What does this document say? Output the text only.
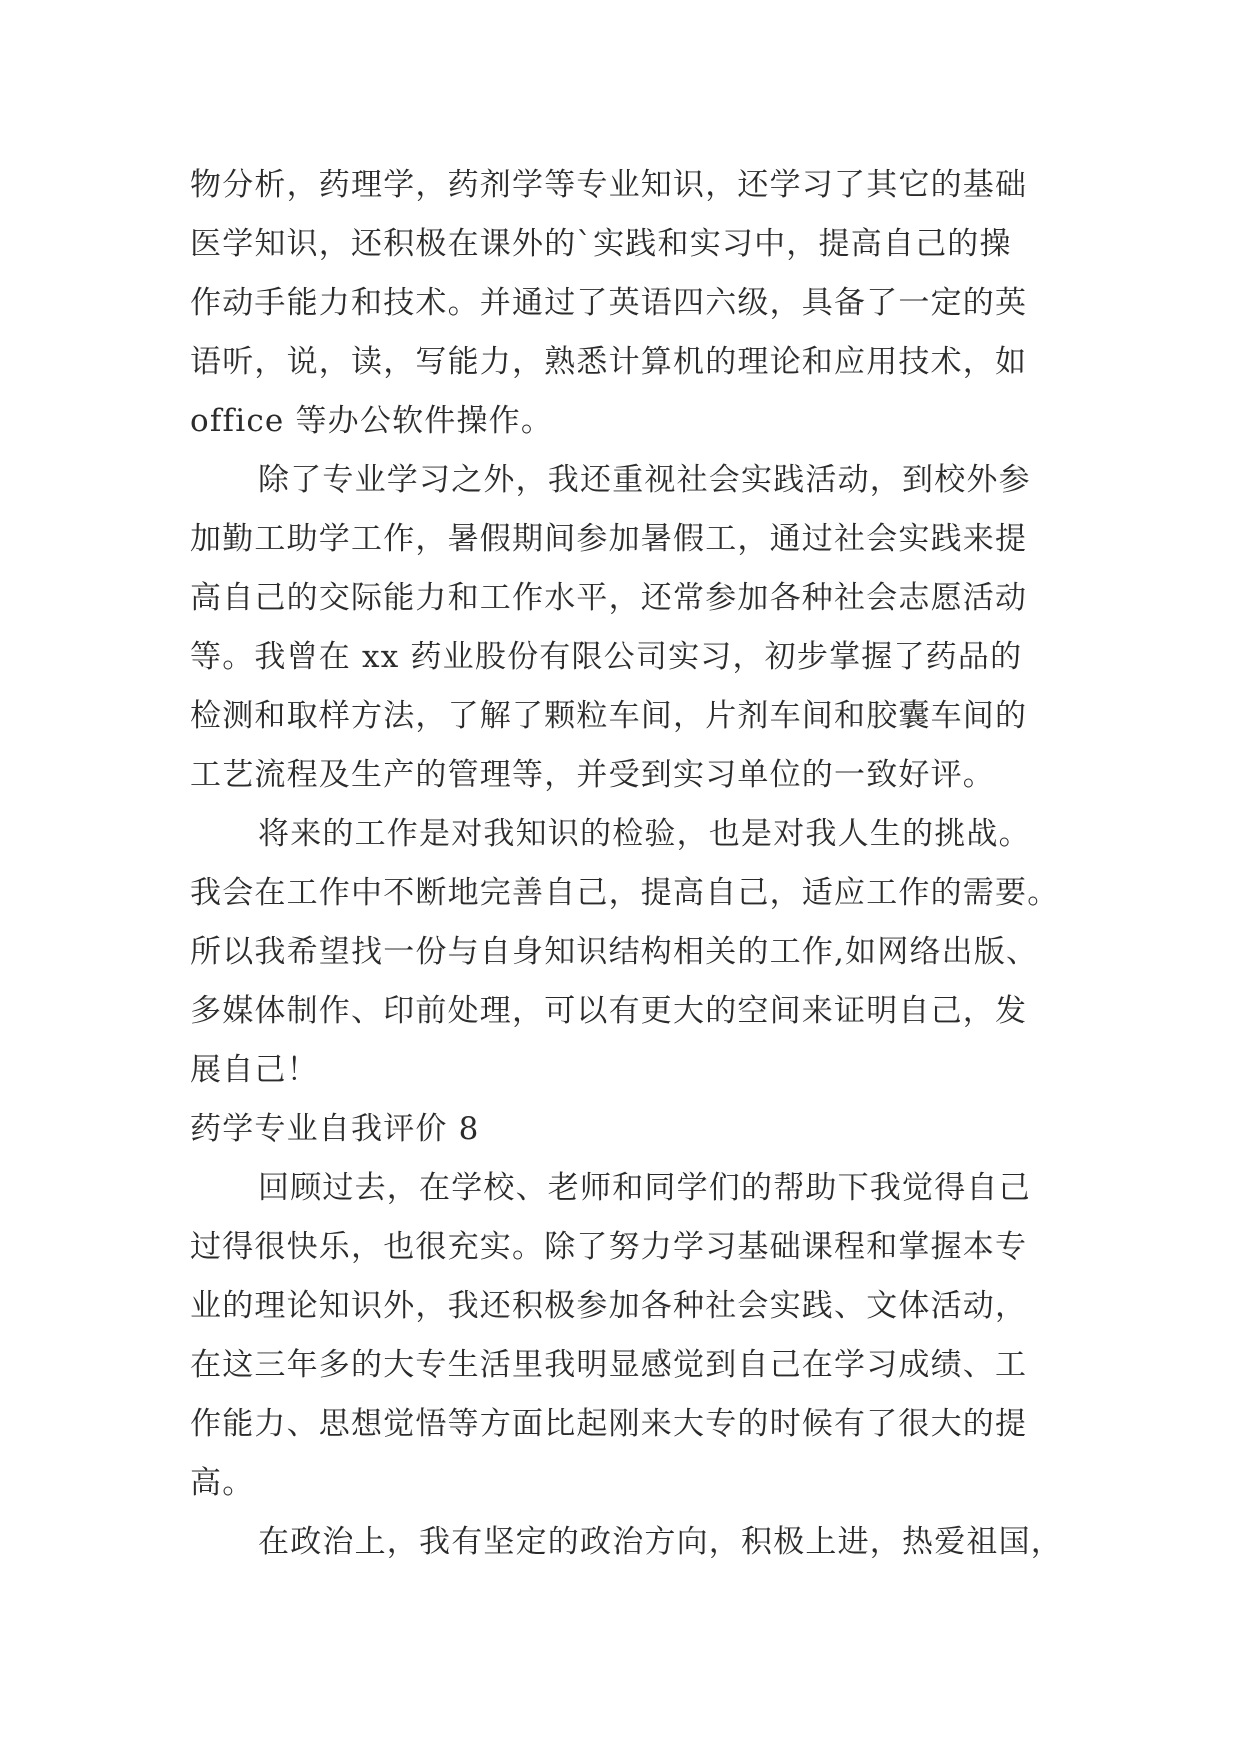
物分析，药理学，药剂学等专业知识，还学习了其它的基础
医学知识，还积极在课外的`实践和实习中，提高自己的操
作动手能力和技术。并通过了英语四六级，具备了一定的英
语听，说，读，写能力，熟悉计算机的理论和应用技术，如
office 等办公软件操作。
除了专业学习之外，我还重视社会实践活动，到校外参
加勤工助学工作，暑假期间参加暑假工，通过社会实践来提
高自己的交际能力和工作水平，还常参加各种社会志愿活动
等。我曾在 xx 药业股份有限公司实习，初步掌握了药品的
检测和取样方法，了解了颗粒车间，片剂车间和胶囊车间的
工艺流程及生产的管理等，并受到实习单位的一致好评。
将来的工作是对我知识的检验，也是对我人生的挑战。
我会在工作中不断地完善自己，提高自己，适应工作的需要。
所以我希望找一份与自身知识结构相关的工作,如网络出版、
多媒体制作、印前处理，可以有更大的空间来证明自己，发
展自己！
药学专业自我评价 8
回顾过去，在学校、老师和同学们的帮助下我觉得自己
过得很快乐，也很充实。除了努力学习基础课程和掌握本专
业的理论知识外，我还积极参加各种社会实践、文体活动，
在这三年多的大专生活里我明显感觉到自己在学习成绩、工
作能力、思想觉悟等方面比起刚来大专的时候有了很大的提
高。
在政治上，我有坚定的政治方向，积极上进，热爱祖国，
